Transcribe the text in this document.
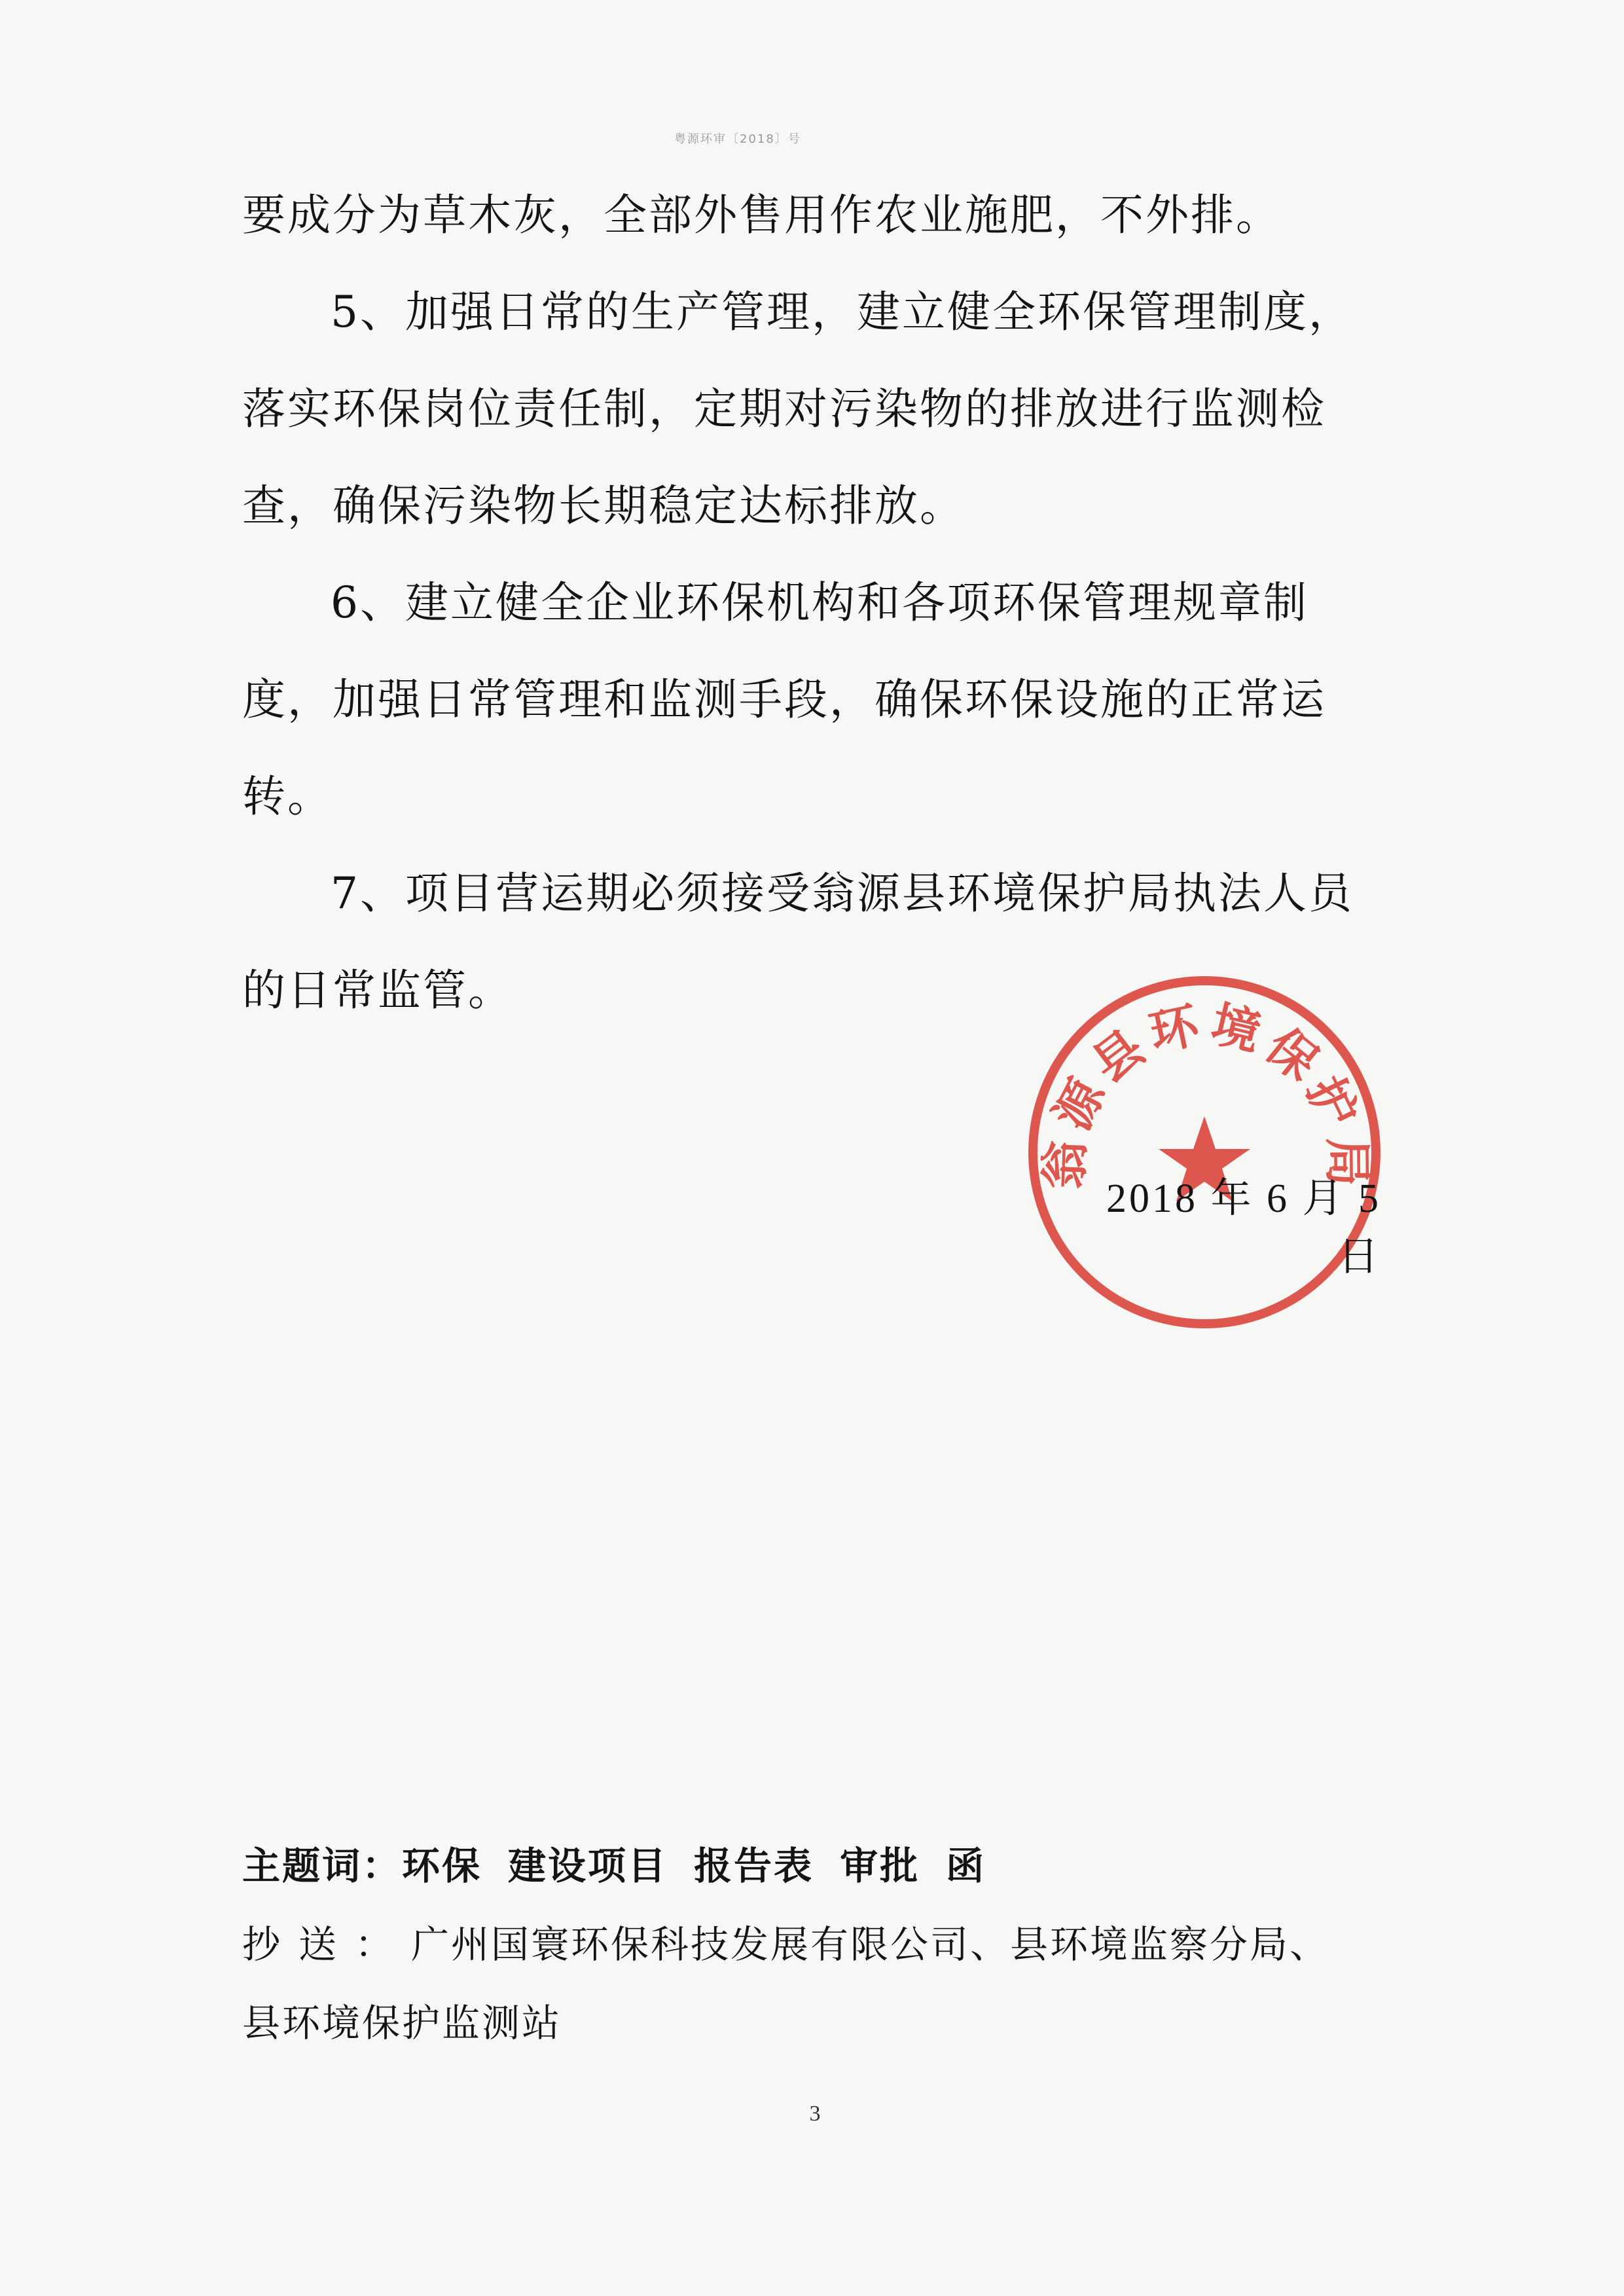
粤源环审〔2018〕号

要成分为草木灰，全部外售用作农业施肥，不外排。

5、加强日常的生产管理，建立健全环保管理制度，落实环保岗位责任制，定期对污染物的排放进行监测检查，确保污染物长期稳定达标排放。

6、建立健全企业环保机构和各项环保管理规章制度，加强日常管理和监测手段，确保环保设施的正常运转。

7、项目营运期必须接受翁源县环境保护局执法人员的日常监管。

翁源县环境保护局
2018 年 6 月 5 日
主题词：环保 建设项目 报告表 审批 函
抄送：广州国寰环保科技发展有限公司、县环境监察分局、
县环境保护监测站
3
